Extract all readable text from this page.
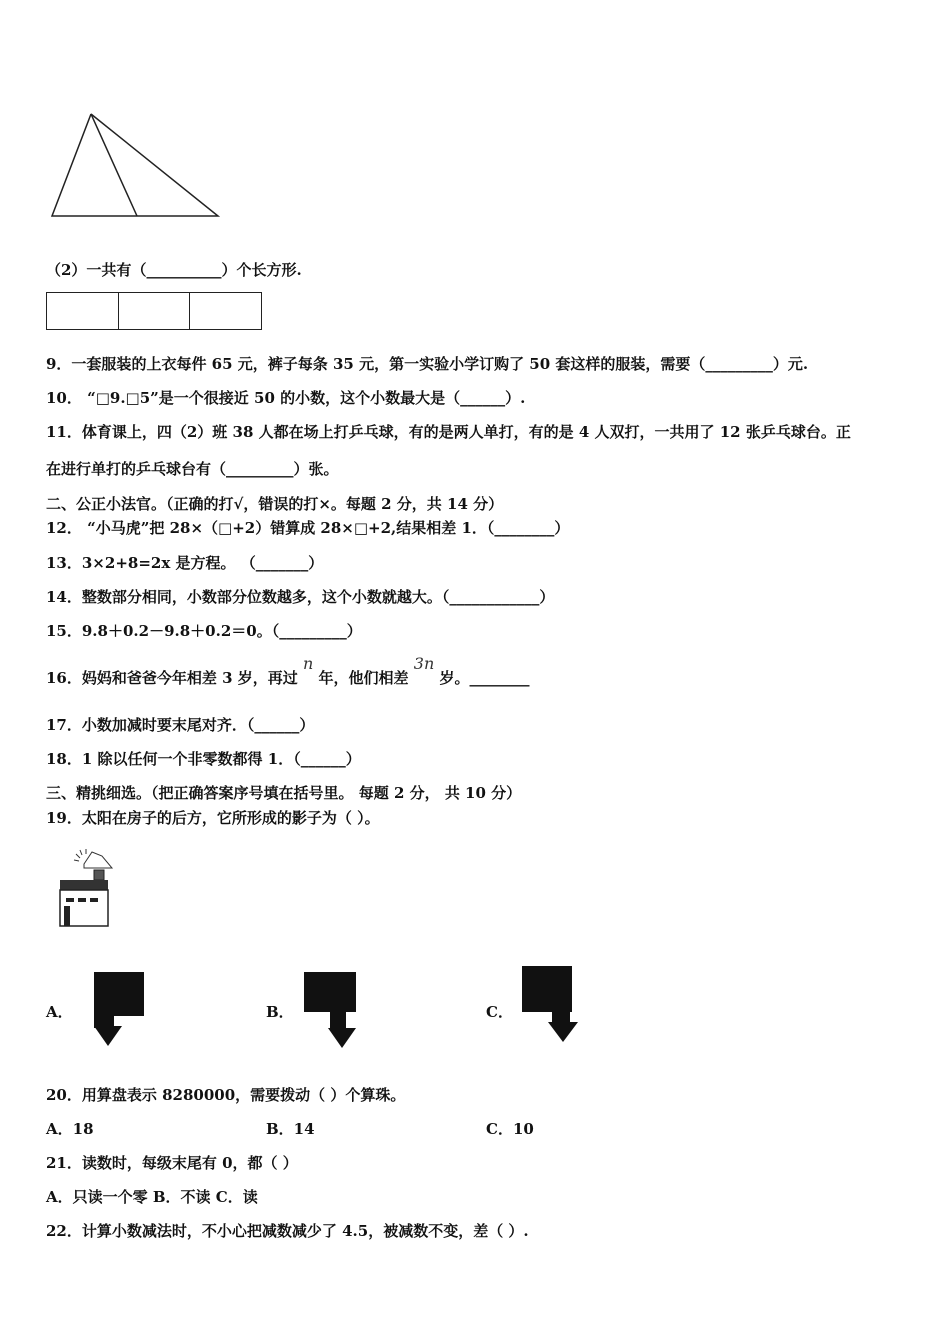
（2）一共有（__________）个长方形.
9．一套服装的上衣每件 65 元，裤子每条 35 元，第一实验小学订购了 50 套这样的服装，需要（_________）元.
10． “□9.□5”是一个很接近 50 的小数，这个小数最大是（______）.
11．体育课上，四（2）班 38 人都在场上打乒乓球，有的是两人单打，有的是 4 人双打，一共用了 12 张乒乓球台。正
在进行单打的乒乓球台有（_________）张。
二、公正小法官。（正确的打√，错误的打×。每题 2 分，共 14 分）
12． “小马虎”把 28×（□+2）错算成 28×□+2,结果相差 1．（________）
13．3×2+8=2x 是方程。 （_______）
14．整数部分相同，小数部分位数越多，这个小数就越大。（____________）
15．9.8＋0.2－9.8＋0.2＝0。（_________）
16．妈妈和爸爸今年相差 3 岁，再过 n 年，他们相差 3n 岁。________
17．小数加减时要末尾对齐．（______）
18．1 除以任何一个非零数都得 1．（______）
三、精挑细选。（把正确答案序号填在括号里。 每题 2 分， 共 10 分）
19．太阳在房子的后方，它所形成的影子为（ ）。
A．	B．	C．
20．用算盘表示 8280000，需要拨动（ ）个算珠。
A．18	B．14	C．10
21．读数时，每级末尾有 0，都（ ）
A．只读一个零 B．不读 C．读
22．计算小数减法时，不小心把减数减少了 4.5，被减数不变，差（ ）.
